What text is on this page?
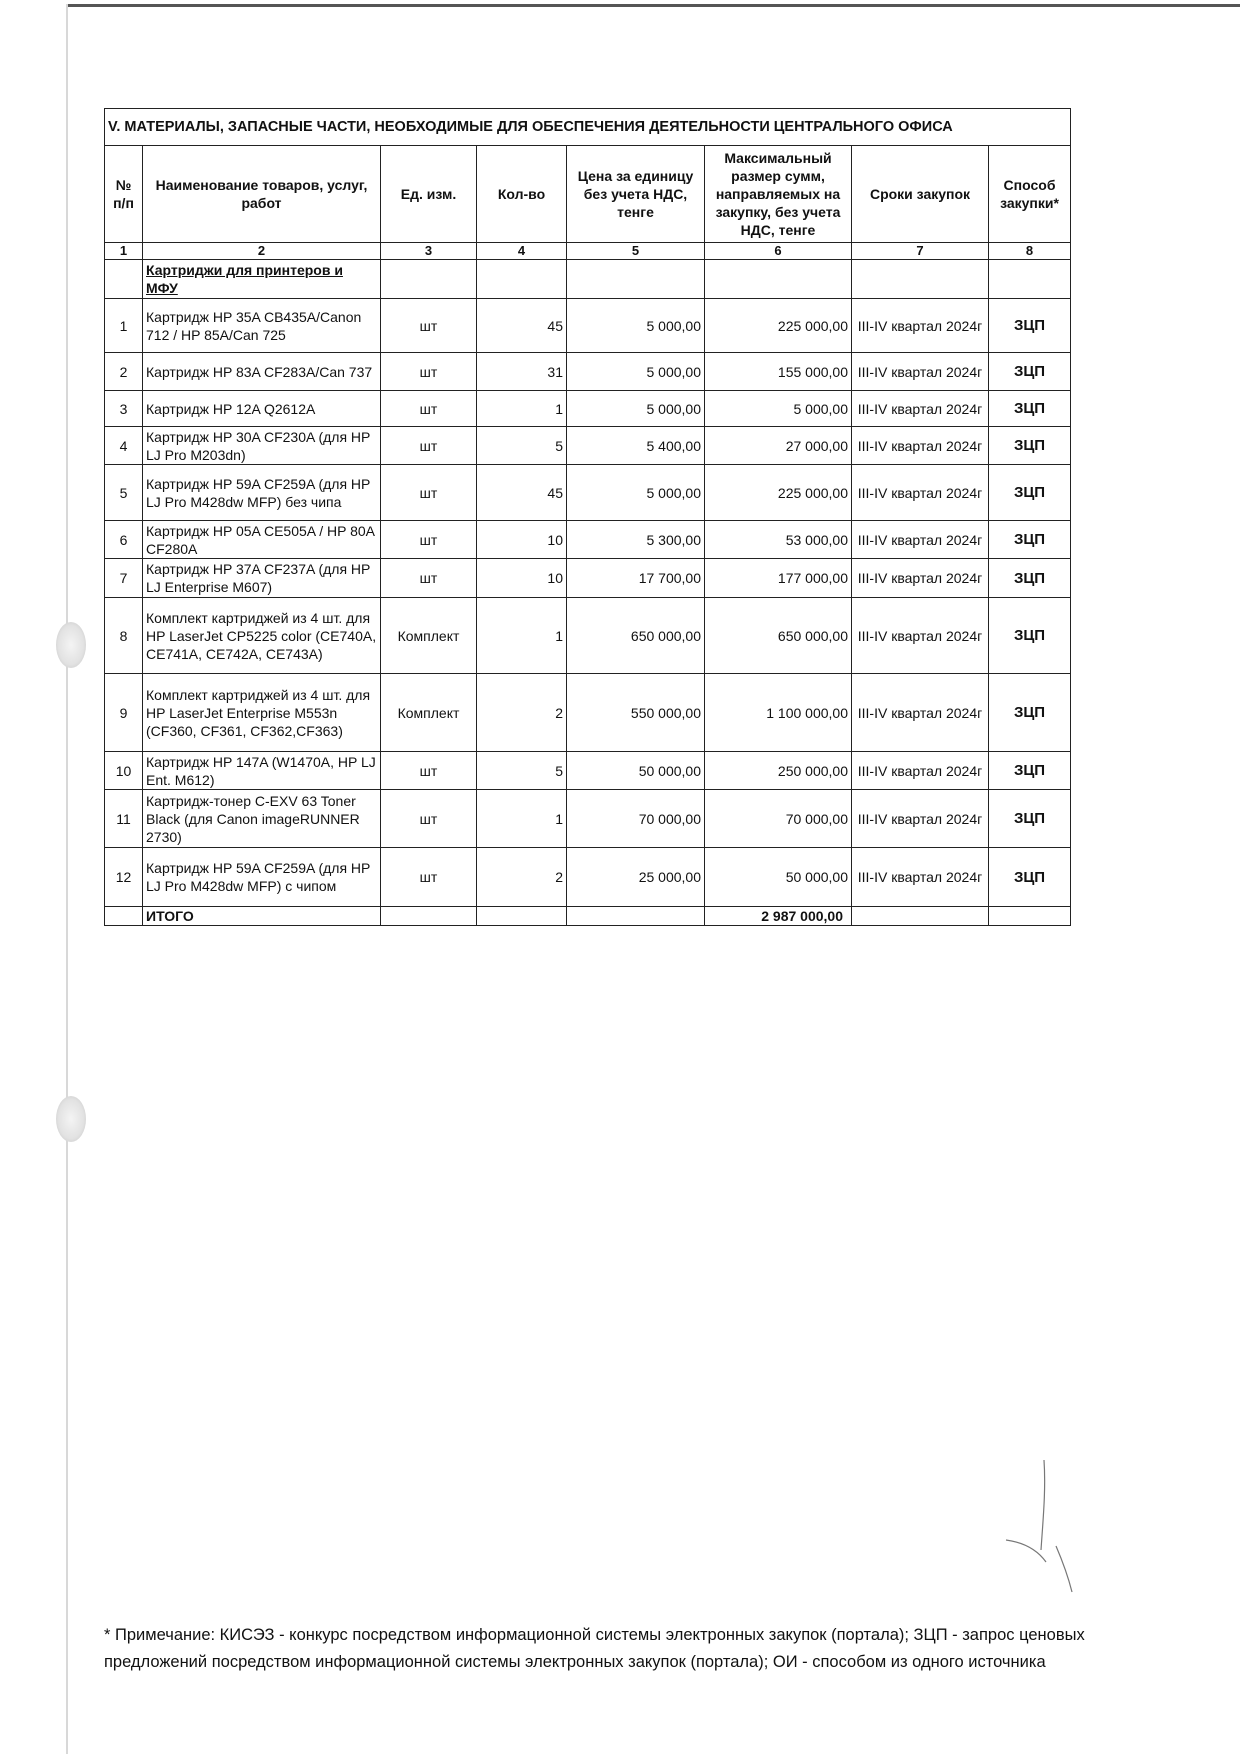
V. МАТЕРИАЛЫ, ЗАПАСНЫЕ ЧАСТИ, НЕОБХОДИМЫЕ ДЛЯ ОБЕСПЕЧЕНИЯ ДЕЯТЕЛЬНОСТИ ЦЕНТРАЛЬНОГО ОФИСА							
№ п/п	Наименование товаров, услуг, работ	Ед. изм.	Кол-во	Цена за единицу без учета НДС, тенге	Максимальный размер сумм, направляемых на закупку, без учета НДС, тенге	Сроки закупок	Способ закупки*
1	2	3	4	5	6	7	8
	Картриджи для принтеров и МФУ						
1	Картридж HP 35A CB435A/Canon 712 / HP 85A/Can 725	шт	45	5 000,00	225 000,00	III-IV квартал 2024г	ЗЦП
2	Картридж HP 83A CF283A/Can 737	шт	31	5 000,00	155 000,00	III-IV квартал 2024г	ЗЦП
3	Картридж HP 12A Q2612A	шт	1	5 000,00	5 000,00	III-IV квартал 2024г	ЗЦП
4	Картридж HP 30A CF230A (для HP LJ Pro M203dn)	шт	5	5 400,00	27 000,00	III-IV квартал 2024г	ЗЦП
5	Картридж HP 59A CF259A (для HP LJ Pro M428dw MFP) без чипа	шт	45	5 000,00	225 000,00	III-IV квартал 2024г	ЗЦП
6	Картридж HP 05A CE505A / HP 80A CF280A	шт	10	5 300,00	53 000,00	III-IV квартал 2024г	ЗЦП
7	Картридж HP 37A CF237A (для HP LJ Enterprise M607)	шт	10	17 700,00	177 000,00	III-IV квартал 2024г	ЗЦП
8	Комплект картриджей из 4 шт. для HP LaserJet CP5225 color (CE740A, CE741A, CE742A, CE743A)	Комплект	1	650 000,00	650 000,00	III-IV квартал 2024г	ЗЦП
9	Комплект картриджей из 4 шт. для HP LaserJet Enterprise M553n (CF360, CF361, CF362,CF363)	Комплект	2	550 000,00	1 100 000,00	III-IV квартал 2024г	ЗЦП
10	Картридж HP 147A (W1470A, HP LJ Ent. M612)	шт	5	50 000,00	250 000,00	III-IV квартал 2024г	ЗЦП
11	Картридж-тонер C-EXV 63 Toner Black (для Canon imageRUNNER 2730)	шт	1	70 000,00	70 000,00	III-IV квартал 2024г	ЗЦП
12	Картридж HP 59A CF259A (для HP LJ Pro M428dw MFP) с чипом	шт	2	25 000,00	50 000,00	III-IV квартал 2024г	ЗЦП
	ИТОГО				2 987 000,00		
* Примечание: КИСЭЗ - конкурс посредством информационной системы электронных закупок (портала); ЗЦП - запрос ценовых предложений посредством информационной системы электронных закупок (портала); ОИ - способом из одного источника
